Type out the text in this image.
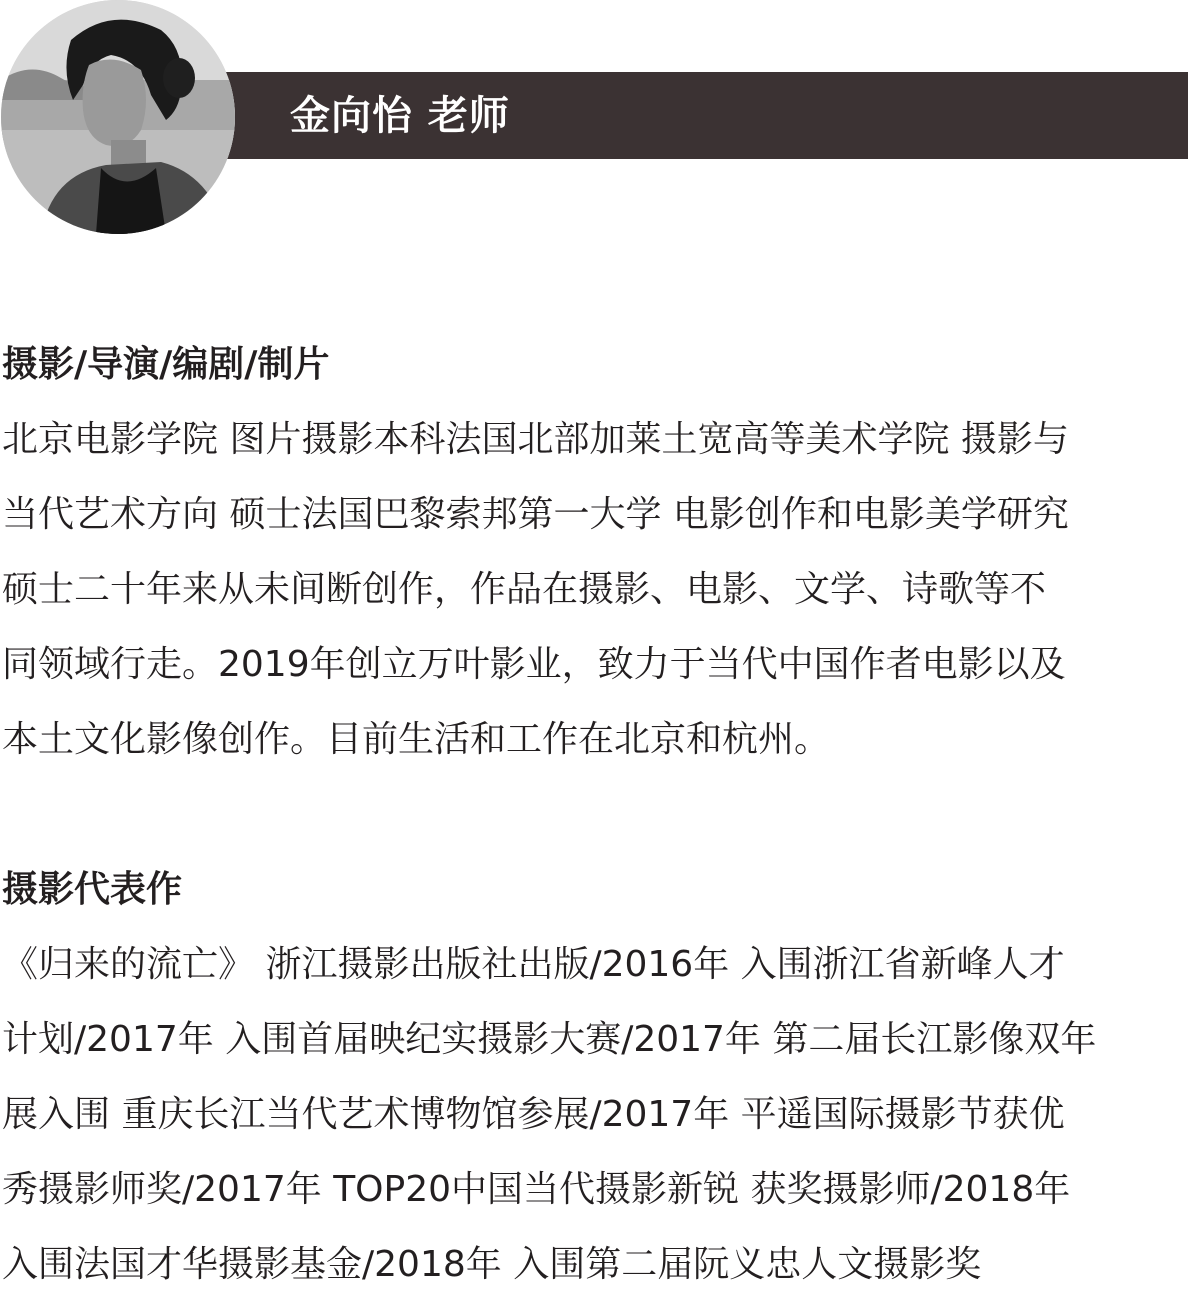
金向怡 老师
摄影/导演/编剧/制片
北京电影学院 图片摄影本科法国北部加莱土宽高等美术学院 摄影与
当代艺术方向 硕士法国巴黎索邦第一大学 电影创作和电影美学研究
硕士二十年来从未间断创作，作品在摄影、电影、文学、诗歌等不
同领域行走。2019年创立万叶影业，致力于当代中国作者电影以及
本土文化影像创作。目前生活和工作在北京和杭州。
摄影代表作
《归来的流亡》 浙江摄影出版社出版/2016年 入围浙江省新峰人才
计划/2017年 入围首届映纪实摄影大赛/2017年 第二届长江影像双年
展入围 重庆长江当代艺术博物馆参展/2017年 平遥国际摄影节获优
秀摄影师奖/2017年 TOP20中国当代摄影新锐 获奖摄影师/2018年
入围法国才华摄影基金/2018年 入围第二届阮义忠人文摄影奖
